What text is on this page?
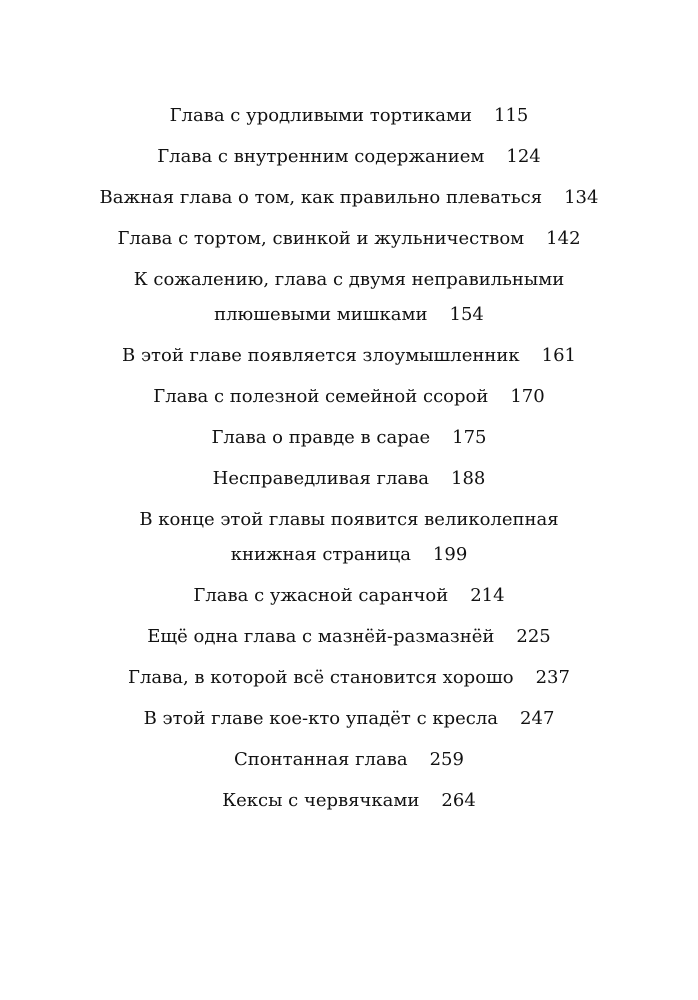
Глава с уродливыми тортиками 115
Глава с внутренним содержанием 124
Важная глава о том, как правильно плеваться 134
Глава с тортом, свинкой и жульничеством 142
К сожалению, глава с двумя неправильными
плюшевыми мишками 154
В этой главе появляется злоумышленник 161
Глава с полезной семейной ссорой 170
Глава о правде в сарае 175
Несправедливая глава 188
В конце этой главы появится великолепная
книжная страница 199
Глава с ужасной саранчой 214
Ещё одна глава с мазнёй-размазнёй 225
Глава, в которой всё становится хорошо 237
В этой главе кое-кто упадёт с кресла 247
Спонтанная глава 259
Кексы с червячками 264
